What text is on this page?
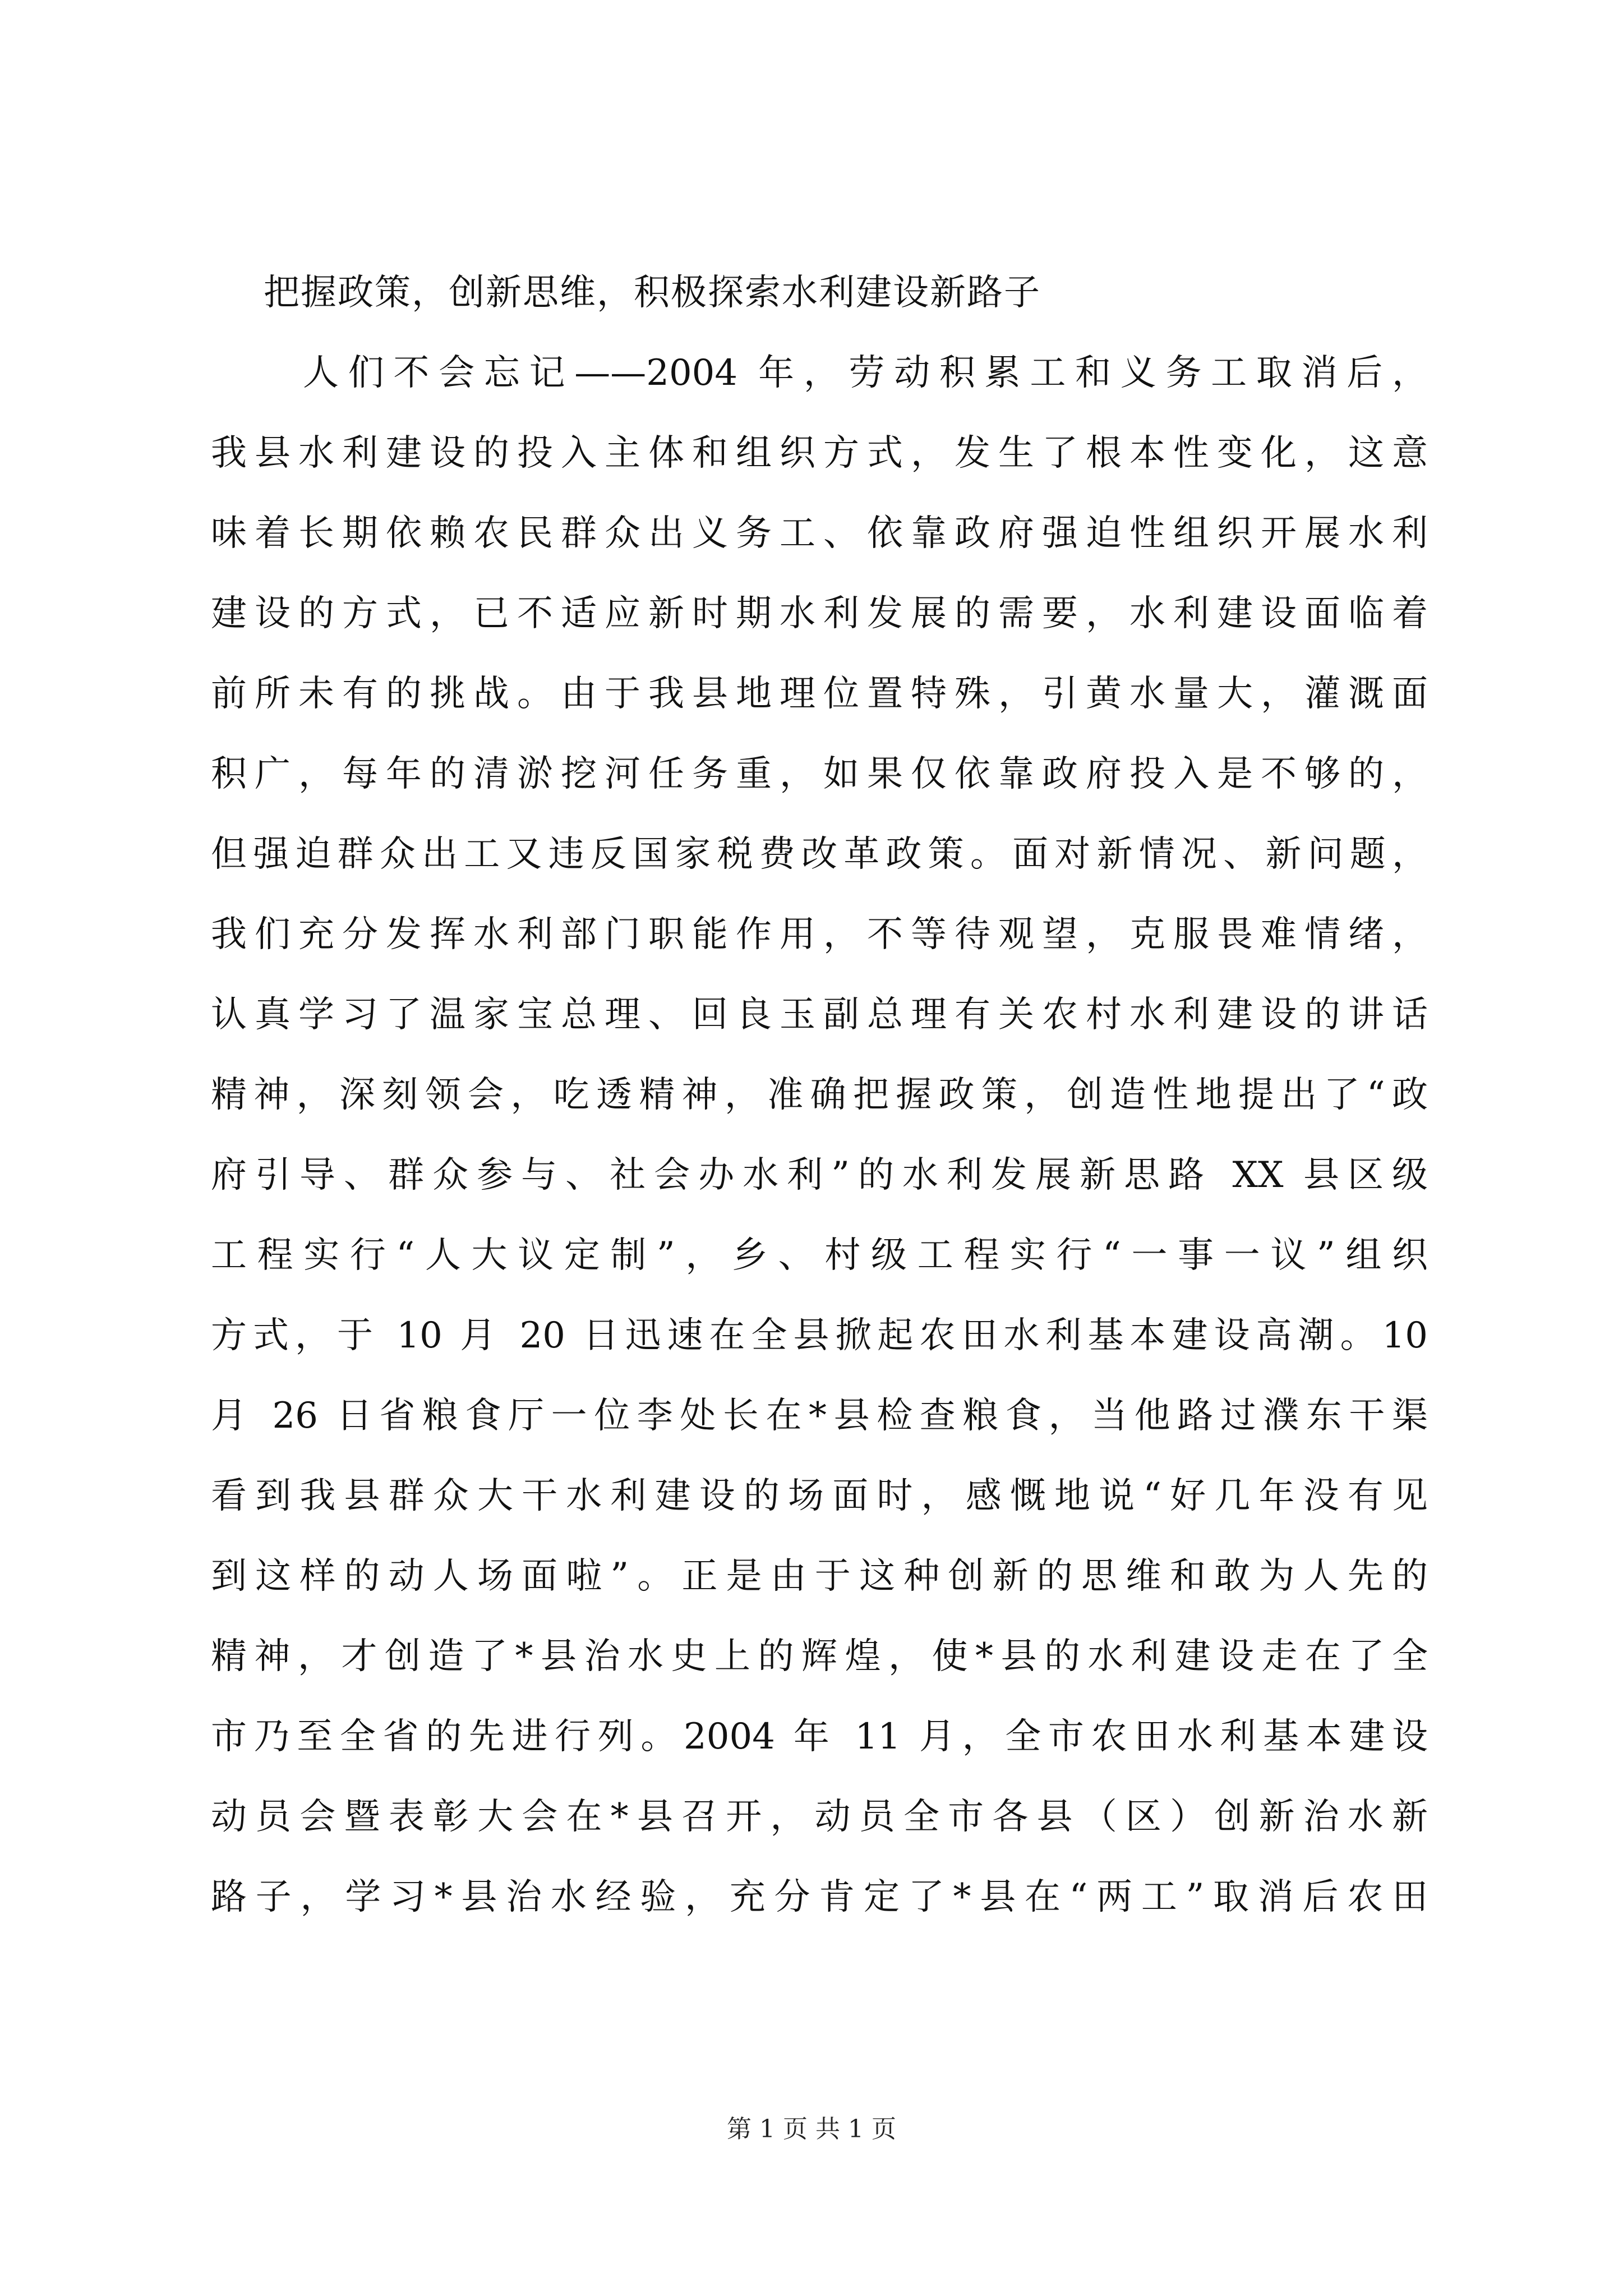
把握政策，创新思维，积极探索水利建设新路子
人们不会忘记——2004 年，劳动积累工和义务工取消后，
我县水利建设的投入主体和组织方式，发生了根本性变化，这意
味着长期依赖农民群众出义务工、依靠政府强迫性组织开展水利
建设的方式，已不适应新时期水利发展的需要，水利建设面临着
前所未有的挑战。由于我县地理位置特殊，引黄水量大，灌溉面
积广，每年的清淤挖河任务重，如果仅依靠政府投入是不够的，
但强迫群众出工又违反国家税费改革政策。面对新情况、新问题，
我们充分发挥水利部门职能作用，不等待观望，克服畏难情绪，
认真学习了温家宝总理、回良玉副总理有关农村水利建设的讲话
精神，深刻领会，吃透精神，准确把握政策，创造性地提出了“政
府引导、群众参与、社会办水利”的水利发展新思路 XX 县区级
工程实行“人大议定制”，乡、村级工程实行“一事一议”组织
方式，于 10 月 20 日迅速在全县掀起农田水利基本建设高潮。10
月 26 日省粮食厅一位李处长在*县检查粮食，当他路过濮东干渠
看到我县群众大干水利建设的场面时，感慨地说“好几年没有见
到这样的动人场面啦”。正是由于这种创新的思维和敢为人先的
精神，才创造了*县治水史上的辉煌，使*县的水利建设走在了全
市乃至全省的先进行列。2004 年 11 月，全市农田水利基本建设
动员会暨表彰大会在*县召开，动员全市各县（区）创新治水新
路子，学习*县治水经验，充分肯定了*县在“两工”取消后农田
第 1 页 共 1 页
